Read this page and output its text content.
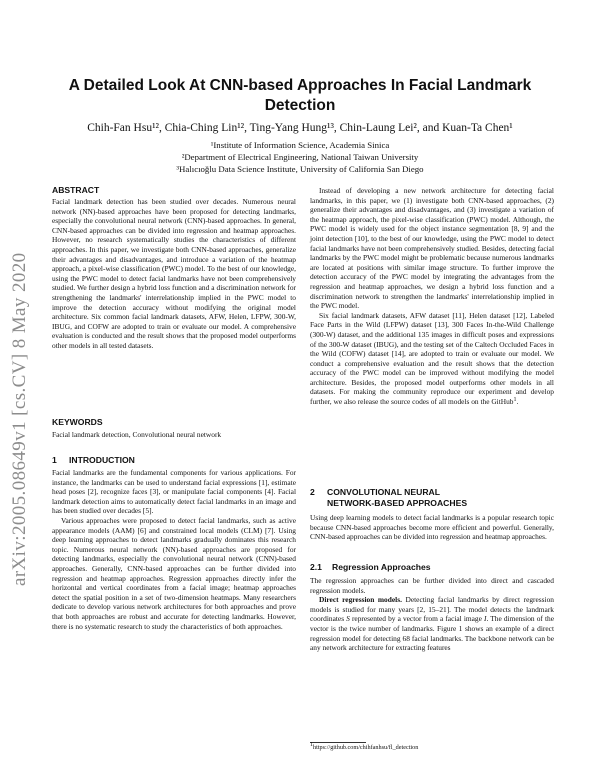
arXiv:2005.08649v1 [cs.CV] 8 May 2020
A Detailed Look At CNN-based Approaches In Facial Landmark Detection
Chih-Fan Hsu¹², Chia-Ching Lin¹², Ting-Yang Hung¹³, Chin-Laung Lei², and Kuan-Ta Chen¹
¹Institute of Information Science, Academia Sinica
²Department of Electrical Engineering, National Taiwan University
³Halıcıoğlu Data Science Institute, University of California San Diego
ABSTRACT

Facial landmark detection has been studied over decades. Numerous neural network (NN)-based approaches have been proposed for detecting landmarks, especially the convolutional neural network (CNN)-based approaches. In general, CNN-based approaches can be divided into regression and heatmap approaches. However, no research systematically studies the characteristics of different approaches. In this paper, we investigate both CNN-based approaches, generalize their advantages and disadvantages, and introduce a variation of the heatmap approach, a pixel-wise classification (PWC) model. To the best of our knowledge, using the PWC model to detect facial landmarks have not been comprehensively studied. We further design a hybrid loss function and a discrimination network for strengthening the landmarks' interrelationship implied in the PWC model to improve the detection accuracy without modifying the original model architecture. Six common facial landmark datasets, AFW, Helen, LFPW, 300-W, IBUG, and COFW are adopted to train or evaluate our model. A comprehensive evaluation is conducted and the result shows that the proposed model outperforms other models in all tested datasets.

KEYWORDS

Facial landmark detection, Convolutional neural network

1 INTRODUCTION

Facial landmarks are the fundamental components for various applications. For instance, the landmarks can be used to understand facial expressions [1], estimate head poses [2], recognize faces [3], or manipulate facial components [4]. Facial landmark detection aims to automatically detect facial landmarks in an image and has been studied over decades [5].

Various approaches were proposed to detect facial landmarks, such as active appearance models (AAM) [6] and constrained local models (CLM) [7]. Using deep learning approaches to detect landmarks gradually dominates this research topic. Numerous neural network (NN)-based approaches are proposed for detecting landmarks, especially the convolutional neural network (CNN)-based approaches. Generally, CNN-based approaches can be further divided into regression and heatmap approaches. Regression approaches directly infer the horizontal and vertical coordinates from a facial image; heatmap approaches detect the spatial position in a set of two-dimension heatmaps. Many researchers dedicate to develop various network architectures for both approaches and prove that both approaches are robust and accurate for detecting landmarks. However, there is no systematic research to study the characteristics of both approaches.

Instead of developing a new network architecture for detecting facial landmarks, in this paper, we (1) investigate both CNN-based approaches, (2) generalize their advantages and disadvantages, and (3) investigate a variation of the heatmap approach, the pixel-wise classification (PWC) model. Although, the PWC model is widely used for the object instance segmentation [8, 9] and the joint detection [10], to the best of our knowledge, using the PWC model to detect facial landmarks have not been comprehensively studied. Besides, detecting facial landmarks by the PWC model might be problematic because numerous landmarks are located at positions with similar image structure. To further improve the detection accuracy of the PWC model by integrating the advantages from the regression and heatmap approaches, we design a hybrid loss function and a discrimination network to strengthen the landmarks' interrelationship implied in the PWC model.

Six facial landmark datasets, AFW dataset [11], Helen dataset [12], Labeled Face Parts in the Wild (LFPW) dataset [13], 300 Faces In-the-Wild Challenge (300-W) dataset, and the additional 135 images in difficult poses and expressions of the 300-W dataset (IBUG), and the testing set of the Caltech Occluded Faces in the Wild (COFW) dataset [14], are adopted to train or evaluate our model. We conduct a comprehensive evaluation and the result shows that the detection accuracy of the PWC model can be improved without modifying the model architecture. Besides, the proposed model outperforms other models in all datasets. For making the community reproduce our experiment and develop further, we also release the source codes of all models on the GitHub$^1$.

2 CONVOLUTIONAL NEURAL
NETWORK-BASED APPROACHES

Using deep learning models to detect facial landmarks is a popular research topic because CNN-based approaches become more efficient and powerful. Generally, CNN-based approaches can be divided into regression and heatmap approaches.

2.1 Regression Approaches

The regression approaches can be further divided into direct and cascaded regression models.

Direct regression models. Detecting facial landmarks by direct regression models is studied for many years [2, 15–21]. The model detects the landmark coordinates S represented by a vector from a facial image I. The dimension of the vector is the twice number of landmarks. Figure 1 shows an example of a direct regression model for detecting 68 facial landmarks. The backbone network can be any network architecture for extracting features

$^1$https://github.com/chihfanhsu/fl_detection
